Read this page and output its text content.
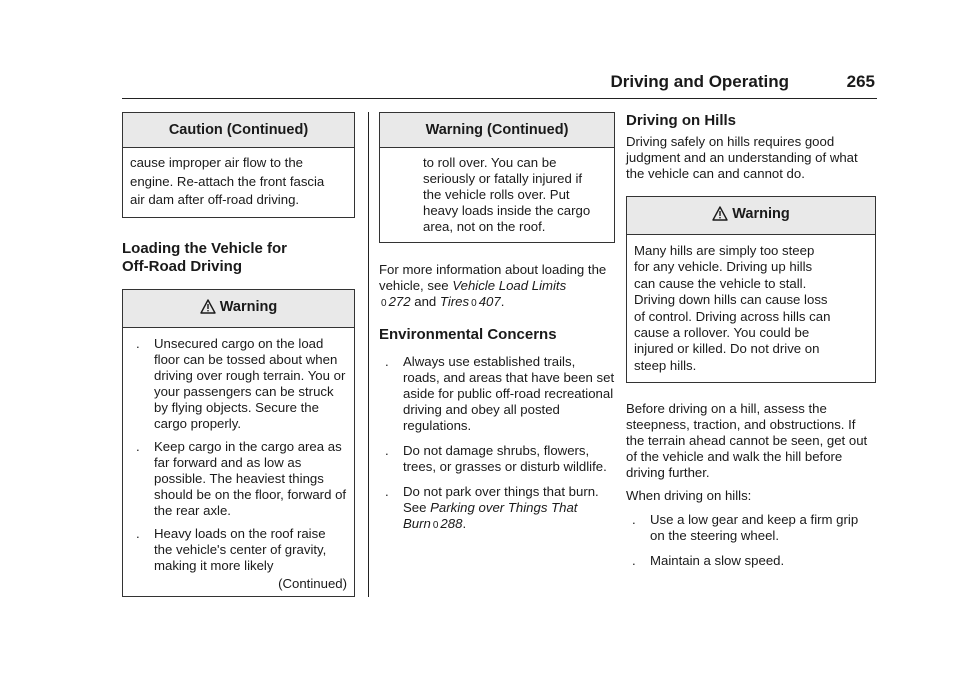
Driving and Operating	265
Caution (Continued)

cause improper air flow to the

engine. Re-attach the front fascia

air dam after off-road driving.

Loading the Vehicle for
Off-Road Driving
Warning
. Unsecured cargo on the load floor can be tossed about when driving over rough terrain. You or your passengers can be struck by flying objects. Secure the cargo properly.
. Keep cargo in the cargo area as far forward and as low as possible. The heaviest things should be on the floor, forward of the rear axle.
. Heavy loads on the roof raise the vehicle's center of gravity, making it more likely
(Continued)
Warning (Continued)
to roll over. You can be seriously or fatally injured if the vehicle rolls over. Put heavy loads inside the cargo area, not on the roof.

For more information about loading the vehicle, see Vehicle Load Limits
0 272 and Tires 0 407.

Environmental Concerns
. Always use established trails, roads, and areas that have been set aside for public off-road recreational driving and obey all posted regulations.
. Do not damage shrubs, flowers, trees, or grasses or disturb wildlife.
. Do not park over things that burn. See Parking over Things That Burn 0 288.
Driving on Hills

Driving safely on hills requires good judgment and an understanding of what the vehicle can and cannot do.

Warning

Many hills are simply too steep

for any vehicle. Driving up hills

can cause the vehicle to stall.

Driving down hills can cause loss

of control. Driving across hills can

cause a rollover. You could be

injured or killed. Do not drive on

steep hills.

Before driving on a hill, assess the steepness, traction, and obstructions. If the terrain ahead cannot be seen, get out of the vehicle and walk the hill before driving further.

When driving on hills:

. Use a low gear and keep a firm grip on the steering wheel.
. Maintain a slow speed.
